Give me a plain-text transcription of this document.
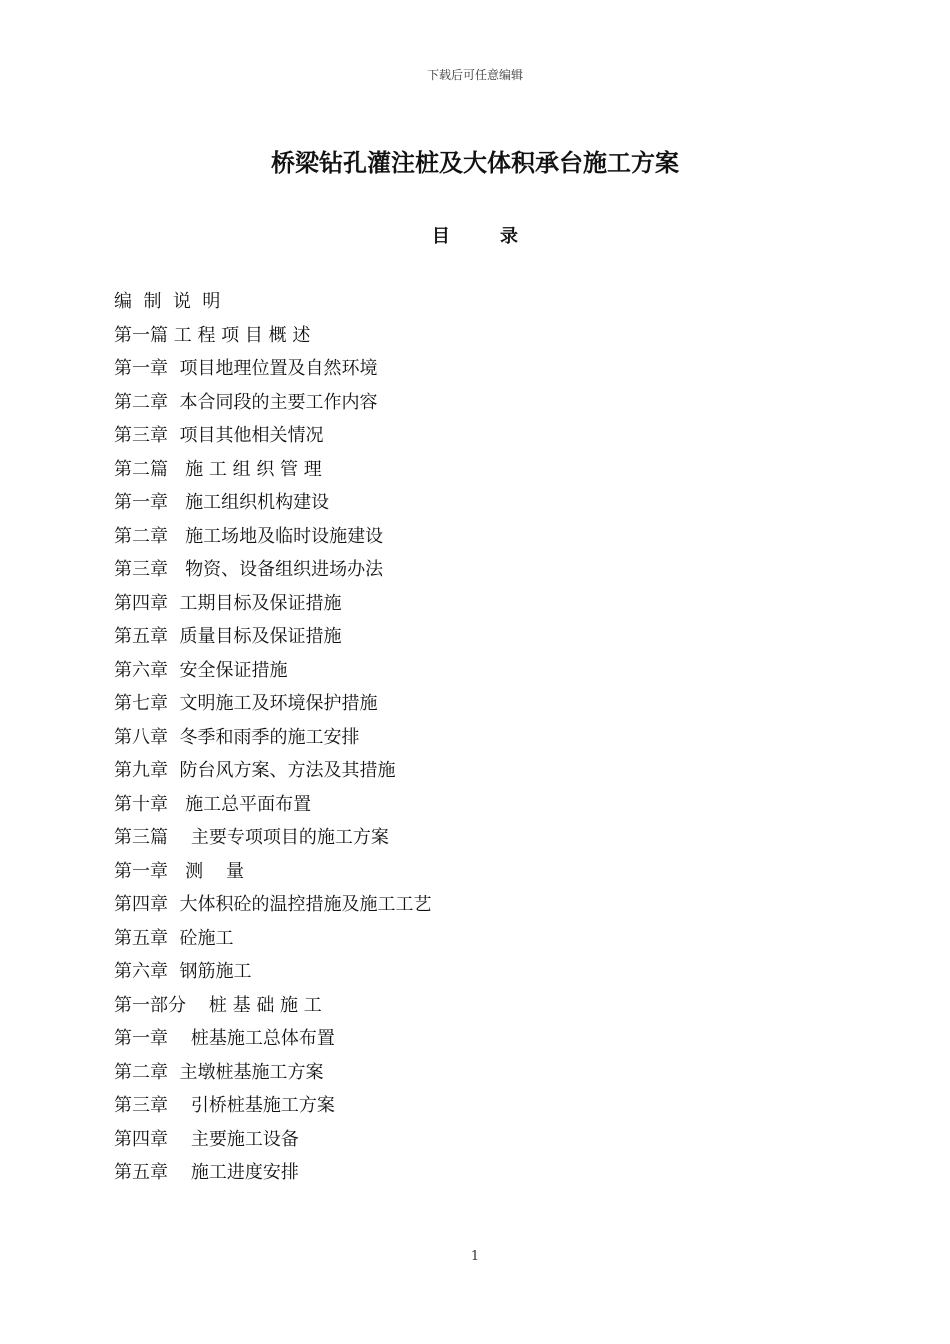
下载后可任意编辑
桥梁钻孔灌注桩及大体积承台施工方案
目        录
编  制  说  明
第一篇 工 程 项 目 概 述
第一章  项目地理位置及自然环境
第二章  本合同段的主要工作内容
第三章  项目其他相关情况
第二篇   施 工 组 织 管 理
第一章   施工组织机构建设
第二章   施工场地及临时设施建设
第三章   物资、设备组织进场办法
第四章  工期目标及保证措施
第五章  质量目标及保证措施
第六章  安全保证措施
第七章  文明施工及环境保护措施
第八章  冬季和雨季的施工安排
第九章  防台风方案、方法及其措施
第十章   施工总平面布置
第三篇    主要专项项目的施工方案
第一章   测    量
第四章  大体积砼的温控措施及施工工艺
第五章  砼施工
第六章  钢筋施工
第一部分    桩 基 础 施 工
第一章    桩基施工总体布置
第二章  主墩桩基施工方案
第三章    引桥桩基施工方案
第四章    主要施工设备
第五章    施工进度安排
1
